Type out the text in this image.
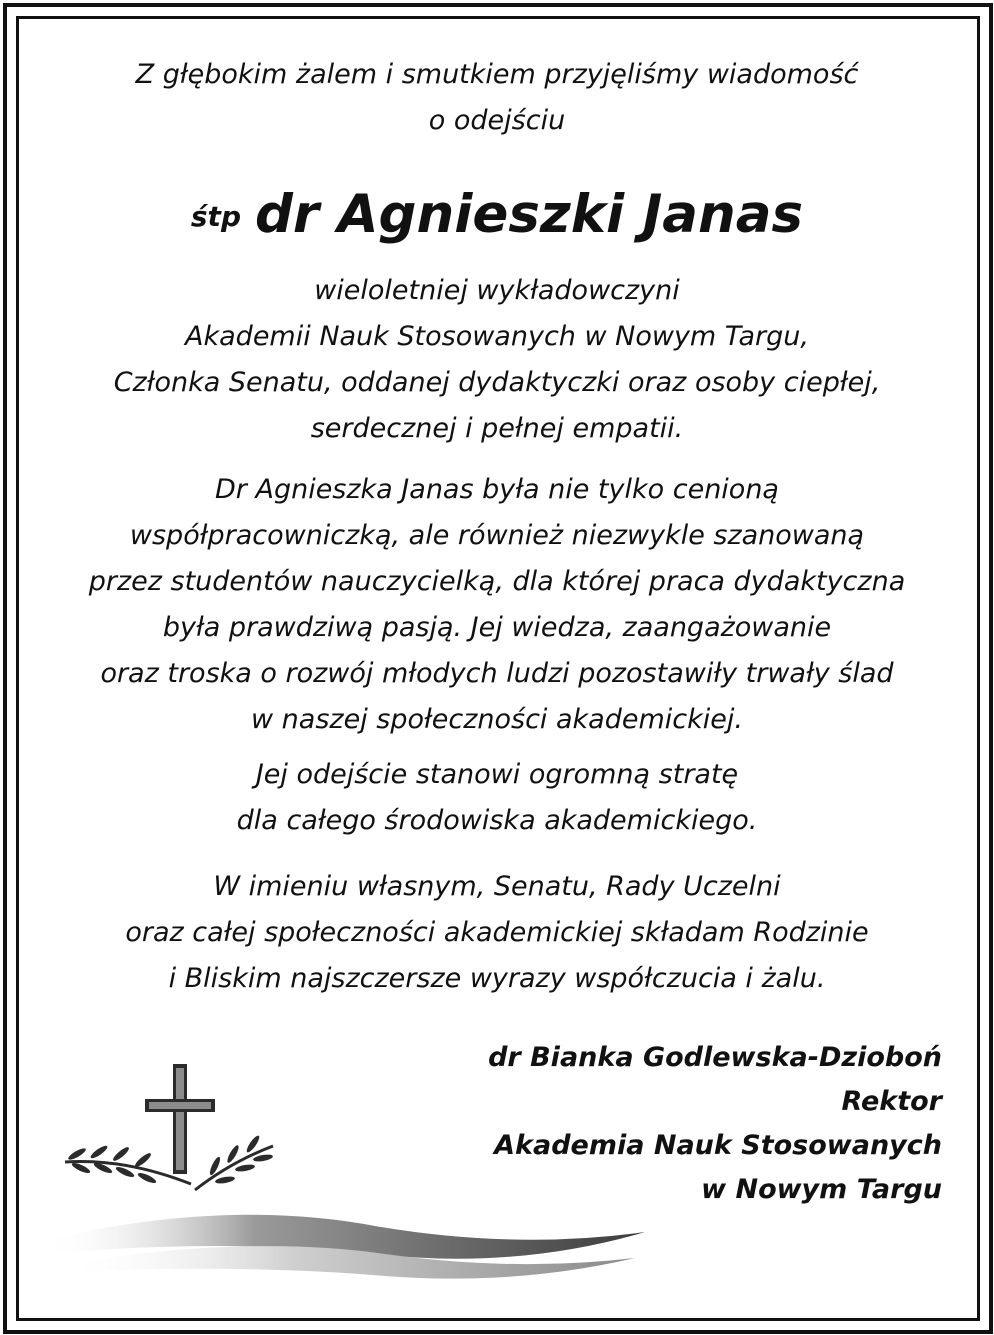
Z głębokim żalem i smutkiem przyjęliśmy wiadomość
o odejściu
śtp dr Agnieszki Janas
wieloletniej wykładowczyni
Akademii Nauk Stosowanych w Nowym Targu,
Członka Senatu, oddanej dydaktyczki oraz osoby ciepłej,
serdecznej i pełnej empatii.
Dr Agnieszka Janas była nie tylko cenioną
współpracowniczką, ale również niezwykle szanowaną
przez studentów nauczycielką, dla której praca dydaktyczna
była prawdziwą pasją. Jej wiedza, zaangażowanie
oraz troska o rozwój młodych ludzi pozostawiły trwały ślad
w naszej społeczności akademickiej.
Jej odejście stanowi ogromną stratę
dla całego środowiska akademickiego.
W imieniu własnym, Senatu, Rady Uczelni
oraz całej społeczności akademickiej składam Rodzinie
i Bliskim najszczersze wyrazy współczucia i żalu.
dr Bianka Godlewska-Dzioboń
Rektor
Akademia Nauk Stosowanych
w Nowym Targu
